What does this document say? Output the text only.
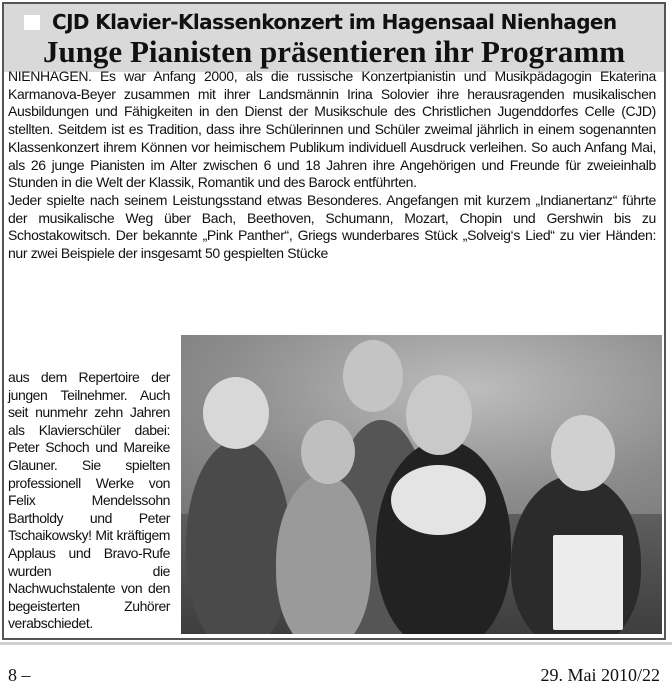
CJD Klavier-Klassenkonzert im Hagensaal Nienhagen
Junge Pianisten präsentieren ihr Programm

NIENHAGEN. Es war Anfang 2000, als die russische Konzertpianistin und Musikpädagogin Ekaterina Karmanova-Beyer zusammen mit ihrer Landsmännin Irina Solovier ihre herausragenden musikalischen Ausbildungen und Fähigkeiten in den Dienst der Musikschule des Christlichen Jugenddorfes Celle (CJD) stellten. Seitdem ist es Tradition, dass ihre Schülerinnen und Schüler zweimal jährlich in einem sogenannten Klassenkonzert ihrem Können vor heimischem Publikum individuell Ausdruck verleihen. So auch Anfang Mai, als 26 junge Pianisten im Alter zwischen 6 und 18 Jahren ihre Angehörigen und Freunde für zweieinhalb Stunden in die Welt der Klassik, Romantik und des Barock entführten.

Jeder spielte nach seinem Leistungsstand etwas Besonderes. Angefangen mit kurzem „Indianertanz“ führte der musikalische Weg über Bach, Beethoven, Schumann, Mozart, Chopin und Gershwin bis zu Schostakowitsch. Der bekannte „Pink Panther“, Griegs wunderbares Stück „Solveig‘s Lied“ zu vier Händen: nur zwei Beispiele der insgesamt 50 gespielten Stücke

aus dem Repertoire der jungen Teilnehmer. Auch seit nunmehr zehn Jahren als Klavierschüler dabei: Peter Schoch und Mareike Glauner. Sie spielten professionell Werke von Felix Mendelssohn Bartholdy und Peter Tschaikowsky! Mit kräftigem Applaus und Bravo-Rufe wurden die Nachwuchstalente von den begeisterten Zuhörer verabschiedet.
8 –	29. Mai 2010/22
